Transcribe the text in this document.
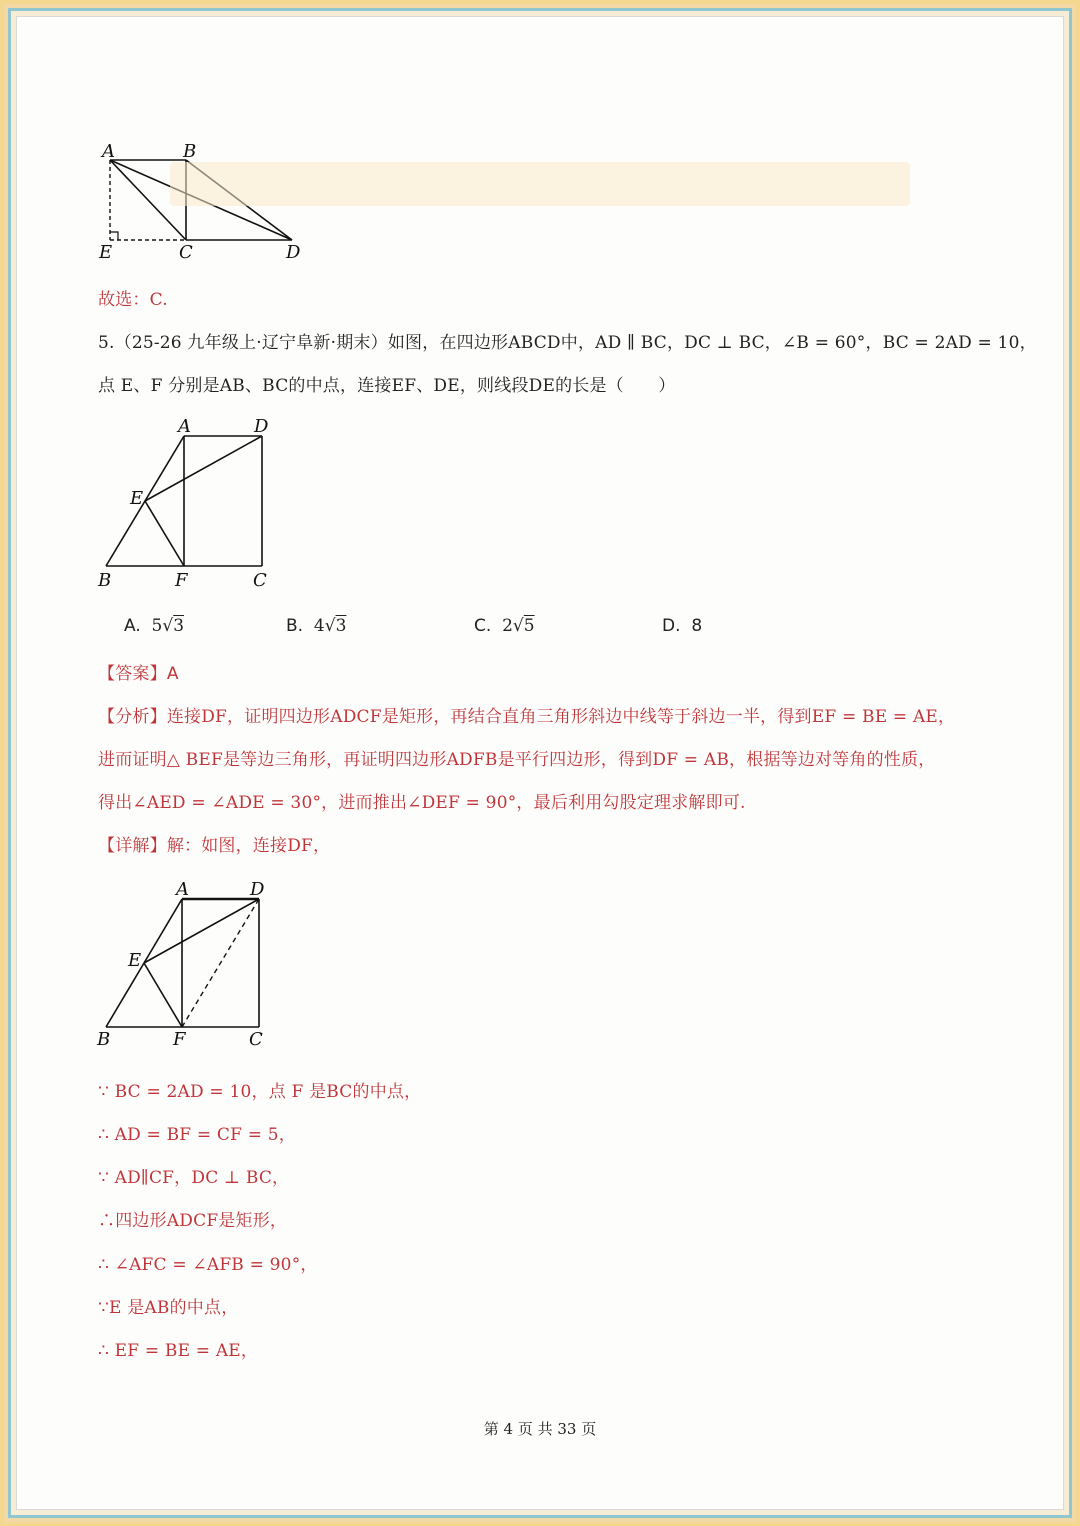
A	B
E	C	D
故选：C.
5.（25-26 九年级上·辽宁阜新·期末）如图，在四边形ABCD中，AD ∥ BC，DC ⊥ BC，∠B = 60°，BC = 2AD = 10，
点 E、F 分别是AB、BC的中点，连接EF、DE，则线段DE的长是（　　）
A	D
E
B	F	C
A. 5√3	B. 4√3	C. 2√5	D. 8
【答案】A
【分析】连接DF，证明四边形ADCF是矩形，再结合直角三角形斜边中线等于斜边一半，得到EF = BE = AE，
进而证明△ BEF是等边三角形，再证明四边形ADFB是平行四边形，得到DF = AB，根据等边对等角的性质，
得出∠AED = ∠ADE = 30°，进而推出∠DEF = 90°，最后利用勾股定理求解即可.
【详解】解：如图，连接DF，
A	D
E
B	F	C
∵ BC = 2AD = 10，点 F 是BC的中点，
∴ AD = BF = CF = 5，
∵ AD∥CF，DC ⊥ BC，
∴四边形ADCF是矩形，
∴ ∠AFC = ∠AFB = 90°，
∵E 是AB的中点，
∴ EF = BE = AE，
第 4 页 共 33 页
